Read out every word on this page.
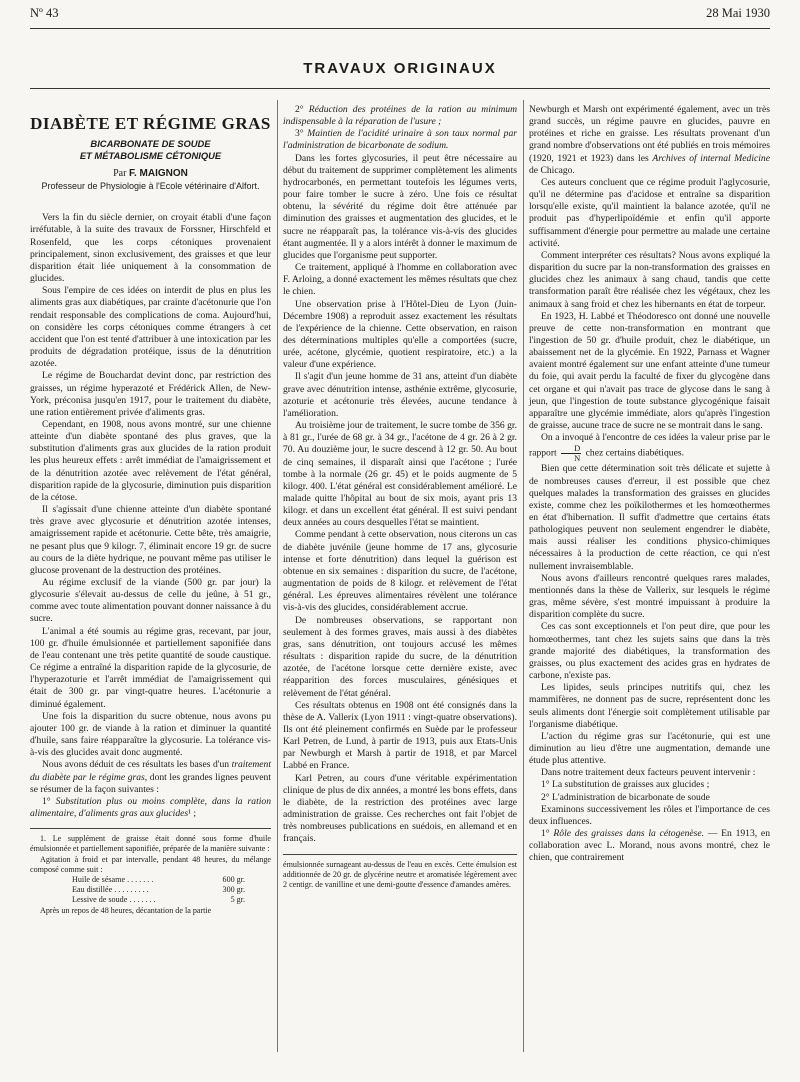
Nº 43	28 Mai 1930
TRAVAUX ORIGINAUX
DIABÈTE ET RÉGIME GRAS
BICARBONATE DE SOUDE
ET MÉTABOLISME CÉTONIQUE
Par F. MAIGNON
Professeur de Physiologie à l'Ecole vétérinaire d'Alfort.

Vers la fin du siècle dernier, on croyait établi d'une façon irréfutable, à la suite des travaux de Forssner, Hirschfeld et Rosenfeld, que les corps cétoniques provenaient principalement, sinon exclusivement, des graisses et que leur disparition était liée uniquement à la consommation de glucides.

Sous l'empire de ces idées on interdit de plus en plus les aliments gras aux diabétiques, par crainte d'acétonurie que l'on rendait responsable des complications de coma. Aujourd'hui, on considère les corps cétoniques comme étrangers à cet accident que l'on est tenté d'attribuer à une intoxication par les produits de dégradation protéique, issus de la dénutrition azotée.

Le régime de Bouchardat devint donc, par restriction des graisses, un régime hyperazoté et Frédérick Allen, de New-York, préconisa jusqu'en 1917, pour le traitement du diabète, une ration entièrement privée d'aliments gras.

Cependant, en 1908, nous avons montré, sur une chienne atteinte d'un diabète spontané des plus graves, que la substitution d'aliments gras aux glucides de la ration produit les plus heureux effets : arrêt immédiat de l'amaigrissement et de la dénutrition azotée avec relèvement de l'état général, disparition rapide de la glycosurie, diminution puis disparition de la cétose.

Il s'agissait d'une chienne atteinte d'un diabète spontané très grave avec glycosurie et dénutrition azotée intenses, amaigrissement rapide et acétonurie. Cette bête, très amaigrie, ne pesant plus que 9 kilogr. 7, éliminait encore 19 gr. de sucre au cours de la diète hydrique, ne pouvant même pas utiliser le glucose provenant de la destruction des protéines.

Au régime exclusif de la viande (500 gr. par jour) la glycosurie s'élevait au-dessus de celle du jeûne, à 51 gr., comme avec toute alimentation pouvant donner naissance à du sucre.

L'animal a été soumis au régime gras, recevant, par jour, 100 gr. d'huile émulsionnée et partiellement saponifiée dans de l'eau contenant une très petite quantité de soude caustique. Ce régime a entraîné la disparition rapide de la glycosurie, de l'hyperazoturie et l'arrêt immédiat de l'amaigrissement qui était de 300 gr. par vingt-quatre heures. L'acétonurie a diminué également.

Une fois la disparition du sucre obtenue, nous avons pu ajouter 100 gr. de viande à la ration et diminuer la quantité d'huile, sans faire réapparaître la glycosurie. La tolérance vis-à-vis des glucides avait donc augmenté.

Nous avons déduit de ces résultats les bases d'un traitement du diabète par le régime gras, dont les grandes lignes peuvent se résumer de la façon suivantes :

1° Substitution plus ou moins complète, dans la ration alimentaire, d'aliments gras aux glucides¹ ;

1. Le supplément de graisse était donné sous forme d'huile émulsionnée et partiellement saponifiée, préparée de la manière suivante :

Agitation à froid et par intervalle, pendant 48 heures, du mélange composé comme suit :

Huile de sésame . . . . . . .	600 gr.
Eau distillée . . . . . . . . .	300 gr.
Lessive de soude . . . . . . .	5 gr.

Après un repos de 48 heures, décantation de la partie

2° Réduction des protéines de la ration au minimum indispensable à la réparation de l'usure ;

3° Maintien de l'acidité urinaire à son taux normal par l'administration de bicarbonate de sodium.

Dans les fortes glycosuries, il peut être nécessaire au début du traitement de supprimer complètement les aliments hydrocarbonés, en permettant toutefois les légumes verts, pour faire tomber le sucre à zéro. Une fois ce résultat obtenu, la sévérité du régime doit être atténuée par diminution des graisses et augmentation des glucides, et le sucre ne réapparaît pas, la tolérance vis-à-vis des glucides étant augmentée. Il y a alors intérêt à donner le maximum de glucides que l'organisme peut supporter.

Ce traitement, appliqué à l'homme en collaboration avec F. Arloing, a donné exactement les mêmes résultats que chez le chien.

Une observation prise à l'Hôtel-Dieu de Lyon (Juin-Décembre 1908) a reproduit assez exactement les résultats de l'expérience de la chienne. Cette observation, en raison des déterminations multiples qu'elle a comportées (sucre, urée, acétone, glycémie, quotient respiratoire, etc.) a la valeur d'une expérience.

Il s'agit d'un jeune homme de 31 ans, atteint d'un diabète grave avec dénutrition intense, asthénie extrême, glycosurie, azoturie et acétonurie très élevées, aucune tendance à l'amélioration.

Au troisième jour de traitement, le sucre tombe de 356 gr. à 81 gr., l'urée de 68 gr. à 34 gr., l'acétone de 4 gr. 26 à 2 gr. 70. Au douzième jour, le sucre descend à 12 gr. 50. Au bout de cinq semaines, il disparaît ainsi que l'acétone ; l'urée tombe à la normale (26 gr. 45) et le poids augmente de 5 kilogr. 400. L'état général est considérablement amélioré. Le malade quitte l'hôpital au bout de six mois, ayant pris 13 kilogr. et dans un excellent état général. Il est suivi pendant deux années au cours desquelles l'état se maintient.

Comme pendant à cette observation, nous citerons un cas de diabète juvénile (jeune homme de 17 ans, glycosurie intense et forte dénutrition) dans lequel la guérison est obtenue en six semaines : disparition du sucre, de l'acétone, augmentation de poids de 8 kilogr. et relèvement de l'état général. Les épreuves alimentaires révèlent une tolérance vis-à-vis des glucides, considérablement accrue.

De nombreuses observations, se rapportant non seulement à des formes graves, mais aussi à des diabètes gras, sans dénutrition, ont toujours accusé les mêmes résultats : disparition rapide du sucre, de la dénutrition azotée, de l'acétone lorsque cette dernière existe, avec réapparition des forces musculaires, génésiques et relèvement de l'état général.

Ces résultats obtenus en 1908 ont été consignés dans la thèse de A. Vallerix (Lyon 1911 : vingt-quatre observations). Ils ont été pleinement confirmés en Suède par le professeur Karl Petren, de Lund, à partir de 1913, puis aux Etats-Unis par Newburgh et Marsh à partir de 1918, et par Marcel Labbé en France.

Karl Petren, au cours d'une véritable expérimentation clinique de plus de dix années, a montré les bons effets, dans le diabète, de la restriction des protéines avec large administration de graisse. Ces recherches ont fait l'objet de très nombreuses publications en suédois, en allemand et en français.

émulsionnée surnageant au-dessus de l'eau en excès. Cette émulsion est additionnée de 20 gr. de glycérine neutre et aromatisée légèrement avec 2 centigr. de vanilline et une demi-goutte d'essence d'amandes amères.

Newburgh et Marsh ont expérimenté également, avec un très grand succès, un régime pauvre en glucides, pauvre en protéines et riche en graisse. Les résultats provenant d'un grand nombre d'observations ont été publiés en trois mémoires (1920, 1921 et 1923) dans les Archives of internal Medicine de Chicago.

Ces auteurs concluent que ce régime produit l'aglycosurie, qu'il ne détermine pas d'acidose et entraîne sa disparition lorsqu'elle existe, qu'il maintient la balance azotée, qu'il ne produit pas d'hyperlipoïdémie et enfin qu'il apporte suffisamment d'énergie pour permettre au malade une certaine activité.

Comment interpréter ces résultats? Nous avons expliqué la disparition du sucre par la non-transformation des graisses en glucides chez les animaux à sang chaud, tandis que cette transformation paraît être réalisée chez les végétaux, chez les animaux à sang froid et chez les hibernants en état de torpeur.

En 1923, H. Labbé et Théodoresco ont donné une nouvelle preuve de cette non-transformation en montrant que l'ingestion de 50 gr. d'huile produit, chez le diabétique, un abaissement net de la glycémie. En 1922, Parnass et Wagner avaient montré également sur une enfant atteinte d'une tumeur du foie, qui avait perdu la faculté de fixer du glycogène dans cet organe et qui n'avait pas trace de glycose dans le sang à jeun, que l'ingestion de toute substance glycogénique faisait apparaître une glycémie immédiate, alors qu'après l'ingestion de graisse, aucune trace de sucre ne se montrait dans le sang.

On a invoqué à l'encontre de ces idées la valeur prise par le rapport $\frac{D}{N}$ chez certains diabétiques.

Bien que cette détermination soit très délicate et sujette à de nombreuses causes d'erreur, il est possible que chez quelques malades la transformation des graisses en glucides existe, comme chez les poïkilothermes et les homœothermes en état d'hibernation. Il suffit d'admettre que certains états pathologiques peuvent non seulement engendrer le diabète, mais aussi réaliser les conditions physico-chimiques nécessaires à la production de cette réaction, ce qui n'est nullement invraisemblable.

Nous avons d'ailleurs rencontré quelques rares malades, mentionnés dans la thèse de Vallerix, sur lesquels le régime gras, même sévère, s'est montré impuissant à produire la disparition complète du sucre.

Ces cas sont exceptionnels et l'on peut dire, que pour les homœothermes, tant chez les sujets sains que dans la très grande majorité des diabétiques, la transformation des graisses, ou plus exactement des acides gras en hydrates de carbone, n'existe pas.

Les lipides, seuls principes nutritifs qui, chez les mammifères, ne donnent pas de sucre, représentent donc les seuls aliments dont l'énergie soit complètement utilisable par l'organisme diabétique.

L'action du régime gras sur l'acétonurie, qui est une diminution au lieu d'être une augmentation, demande une étude plus attentive.

Dans notre traitement deux facteurs peuvent intervenir :

1° La substitution de graisses aux glucides ;

2° L'administration de bicarbonate de soude

Examinons successivement les rôles et l'importance de ces deux influences.

1° Rôle des graisses dans la cétogenèse. — En 1913, en collaboration avec L. Morand, nous avons montré, chez le chien, que contrairement
